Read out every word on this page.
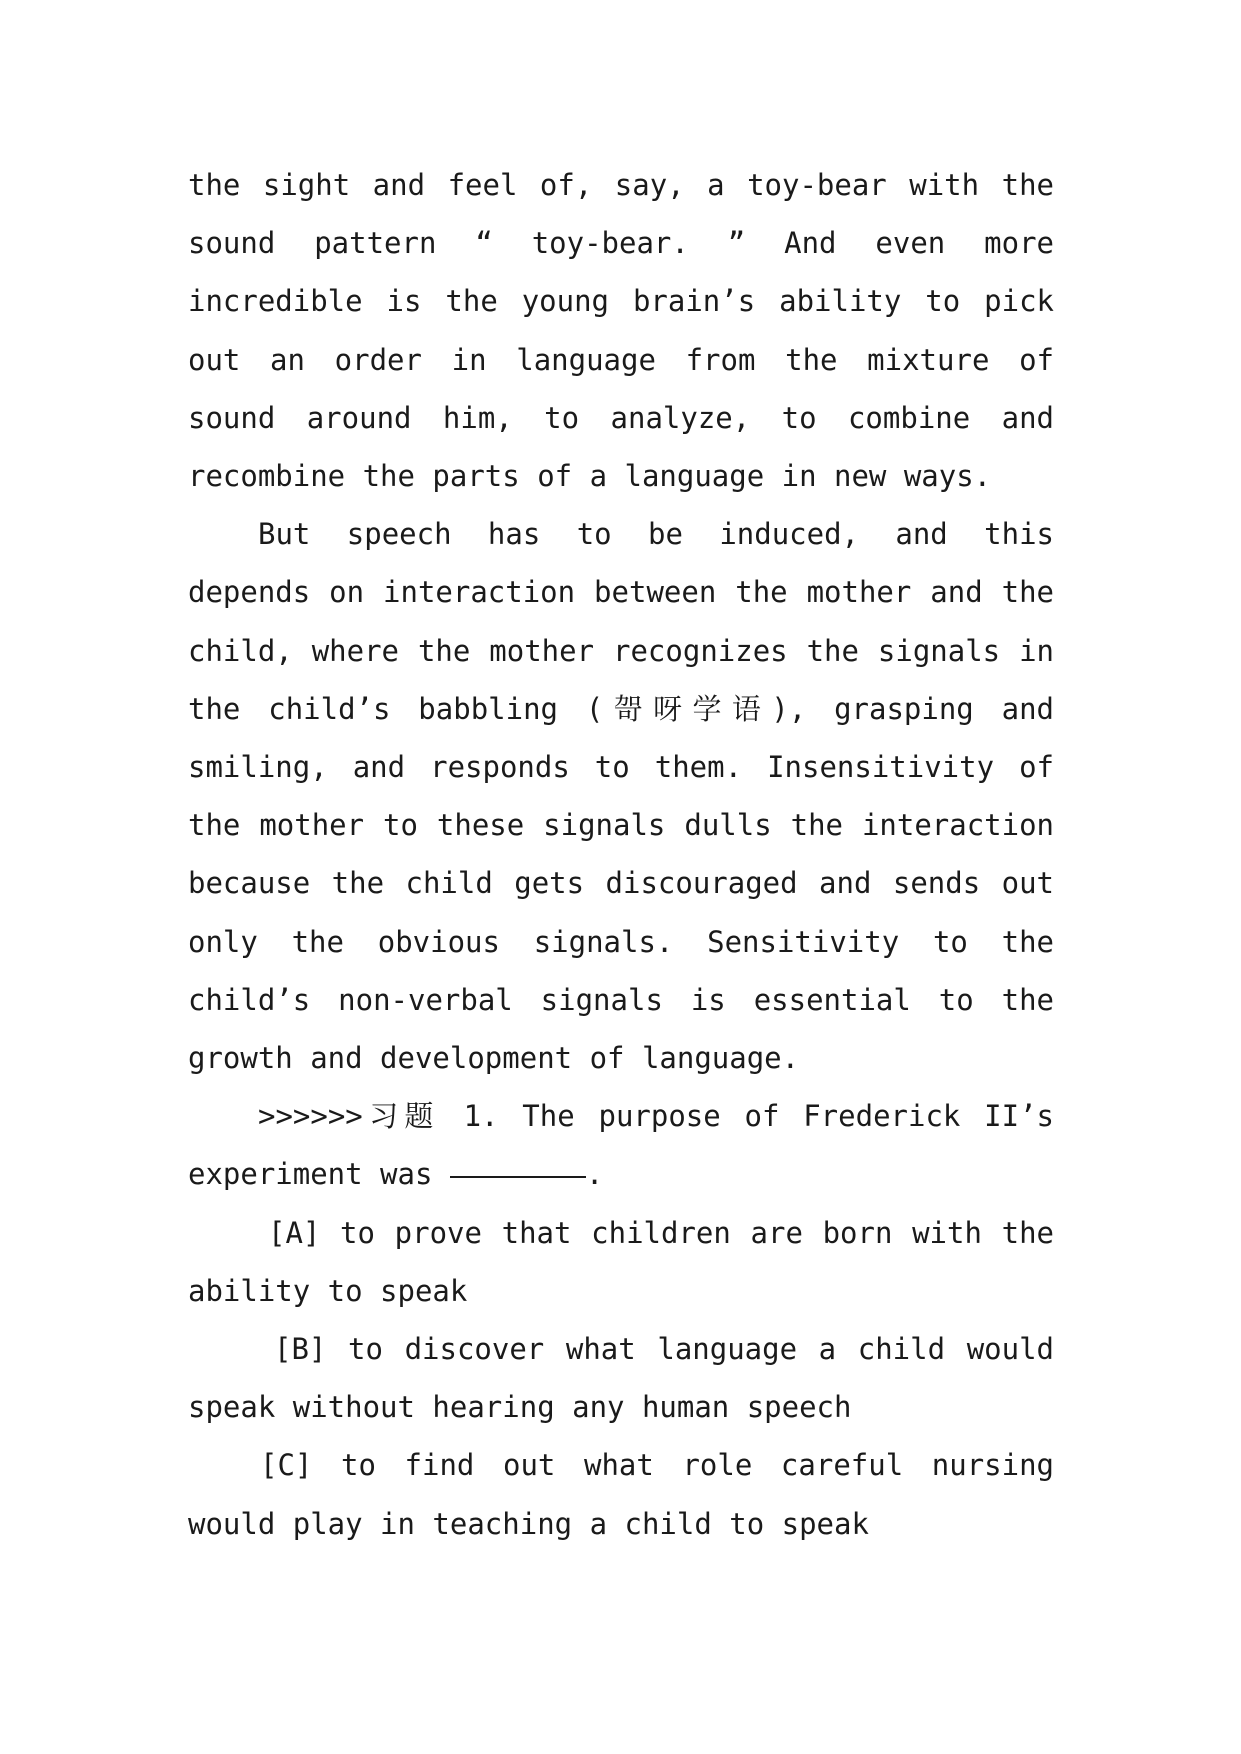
the sight and feel of, say, a toy-bear with the sound pattern “ toy-bear. ” And even more incredible is the young brain’s ability to pick out an order in language from the mixture of sound around him, to analyze, to combine and recombine the parts of a language in new ways.

But speech has to be induced, and this depends on interaction between the mother and the child, where the mother recognizes the signals in the child’s babbling (哿呀学语), grasping and smiling, and responds to them. Insensitivity of the mother to these signals dulls the interaction because the child gets discouraged and sends out only the obvious signals. Sensitivity to the child’s non-verbal signals is essential to the growth and development of language.

>>>>>>习题 1. The purpose of Frederick II’s experiment was	.

[A] to prove that children are born with the ability to speak

[B] to discover what language a child would speak without hearing any human speech

[C] to find out what role careful nursing would play in teaching a child to speak
